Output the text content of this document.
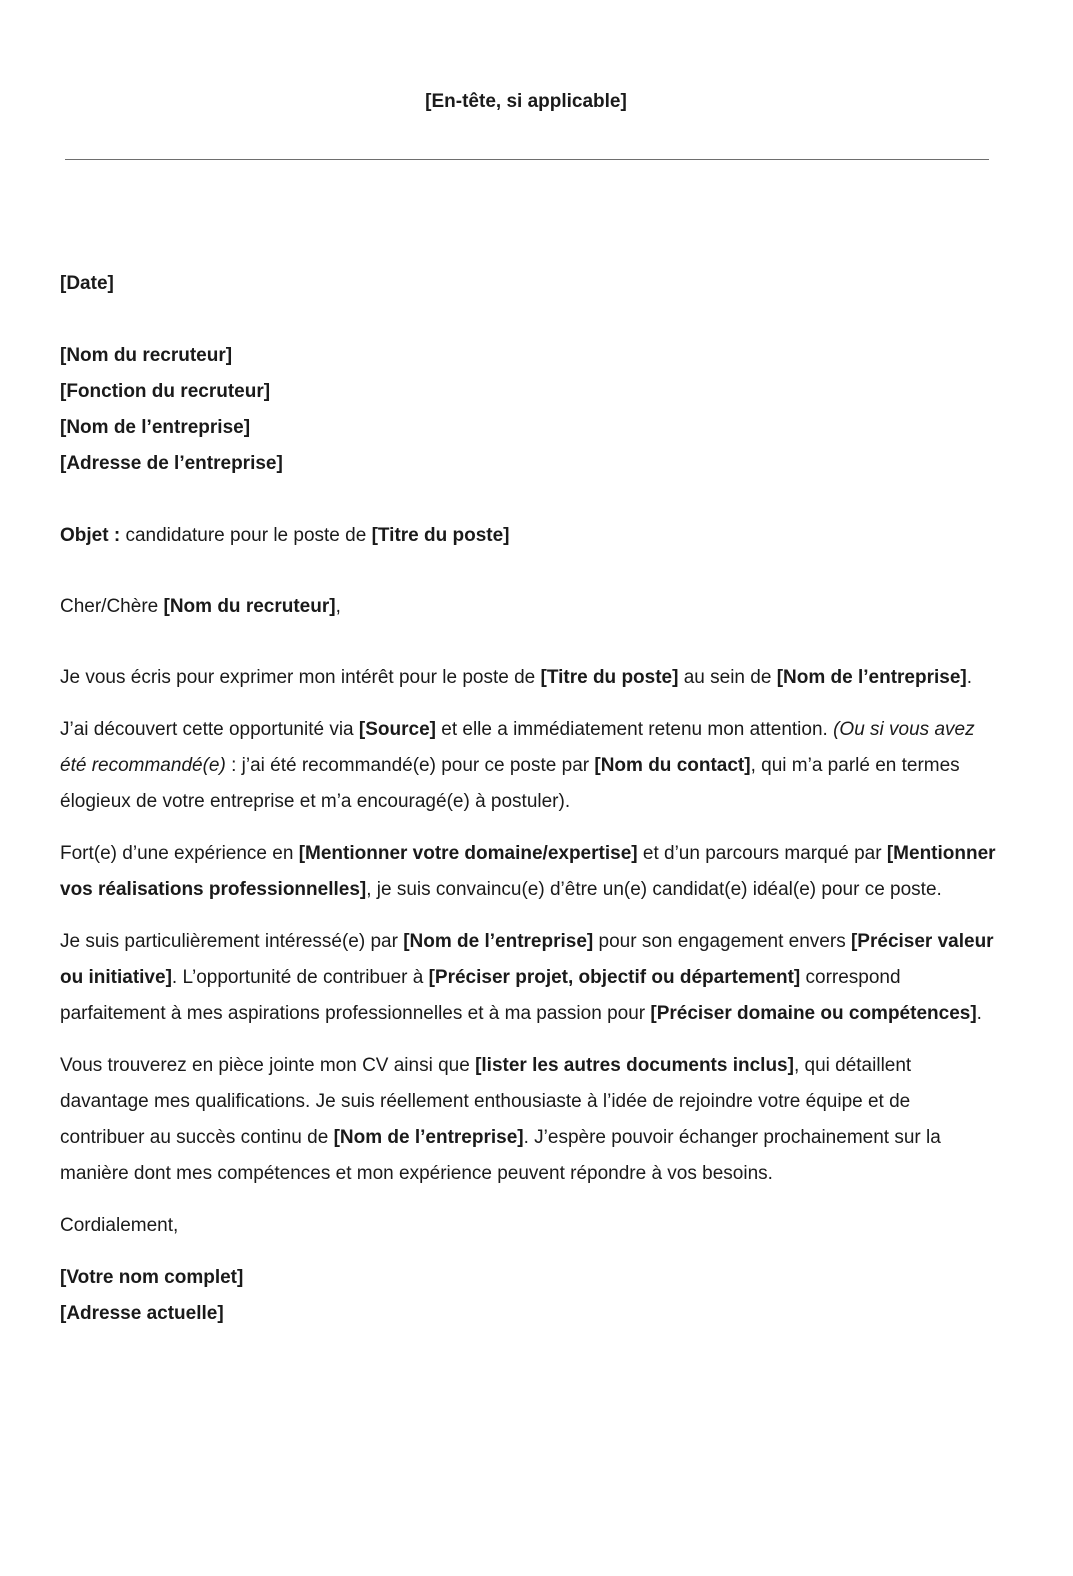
[En-tête, si applicable]
[Date]
[Nom du recruteur]
[Fonction du recruteur]
[Nom de l’entreprise]
[Adresse de l’entreprise]
Objet : candidature pour le poste de [Titre du poste]
Cher/Chère [Nom du recruteur],

Je vous écris pour exprimer mon intérêt pour le poste de [Titre du poste] au sein de [Nom de l’entreprise].

J’ai découvert cette opportunité via [Source] et elle a immédiatement retenu mon attention. (Ou si vous avez été recommandé(e) : j’ai été recommandé(e) pour ce poste par [Nom du contact], qui m’a parlé en termes élogieux de votre entreprise et m’a encouragé(e) à postuler).

Fort(e) d’une expérience en [Mentionner votre domaine/expertise] et d’un parcours marqué par [Mentionner vos réalisations professionnelles], je suis convaincu(e) d’être un(e) candidat(e) idéal(e) pour ce poste.

Je suis particulièrement intéressé(e) par [Nom de l’entreprise] pour son engagement envers [Préciser valeur ou initiative]. L’opportunité de contribuer à [Préciser projet, objectif ou département] correspond parfaitement à mes aspirations professionnelles et à ma passion pour [Préciser domaine ou compétences].

Vous trouverez en pièce jointe mon CV ainsi que [lister les autres documents inclus], qui détaillent davantage mes qualifications. Je suis réellement enthousiaste à l’idée de rejoindre votre équipe et de contribuer au succès continu de [Nom de l’entreprise]. J’espère pouvoir échanger prochainement sur la manière dont mes compétences et mon expérience peuvent répondre à vos besoins.

Cordialement,

[Votre nom complet]
[Adresse actuelle]
